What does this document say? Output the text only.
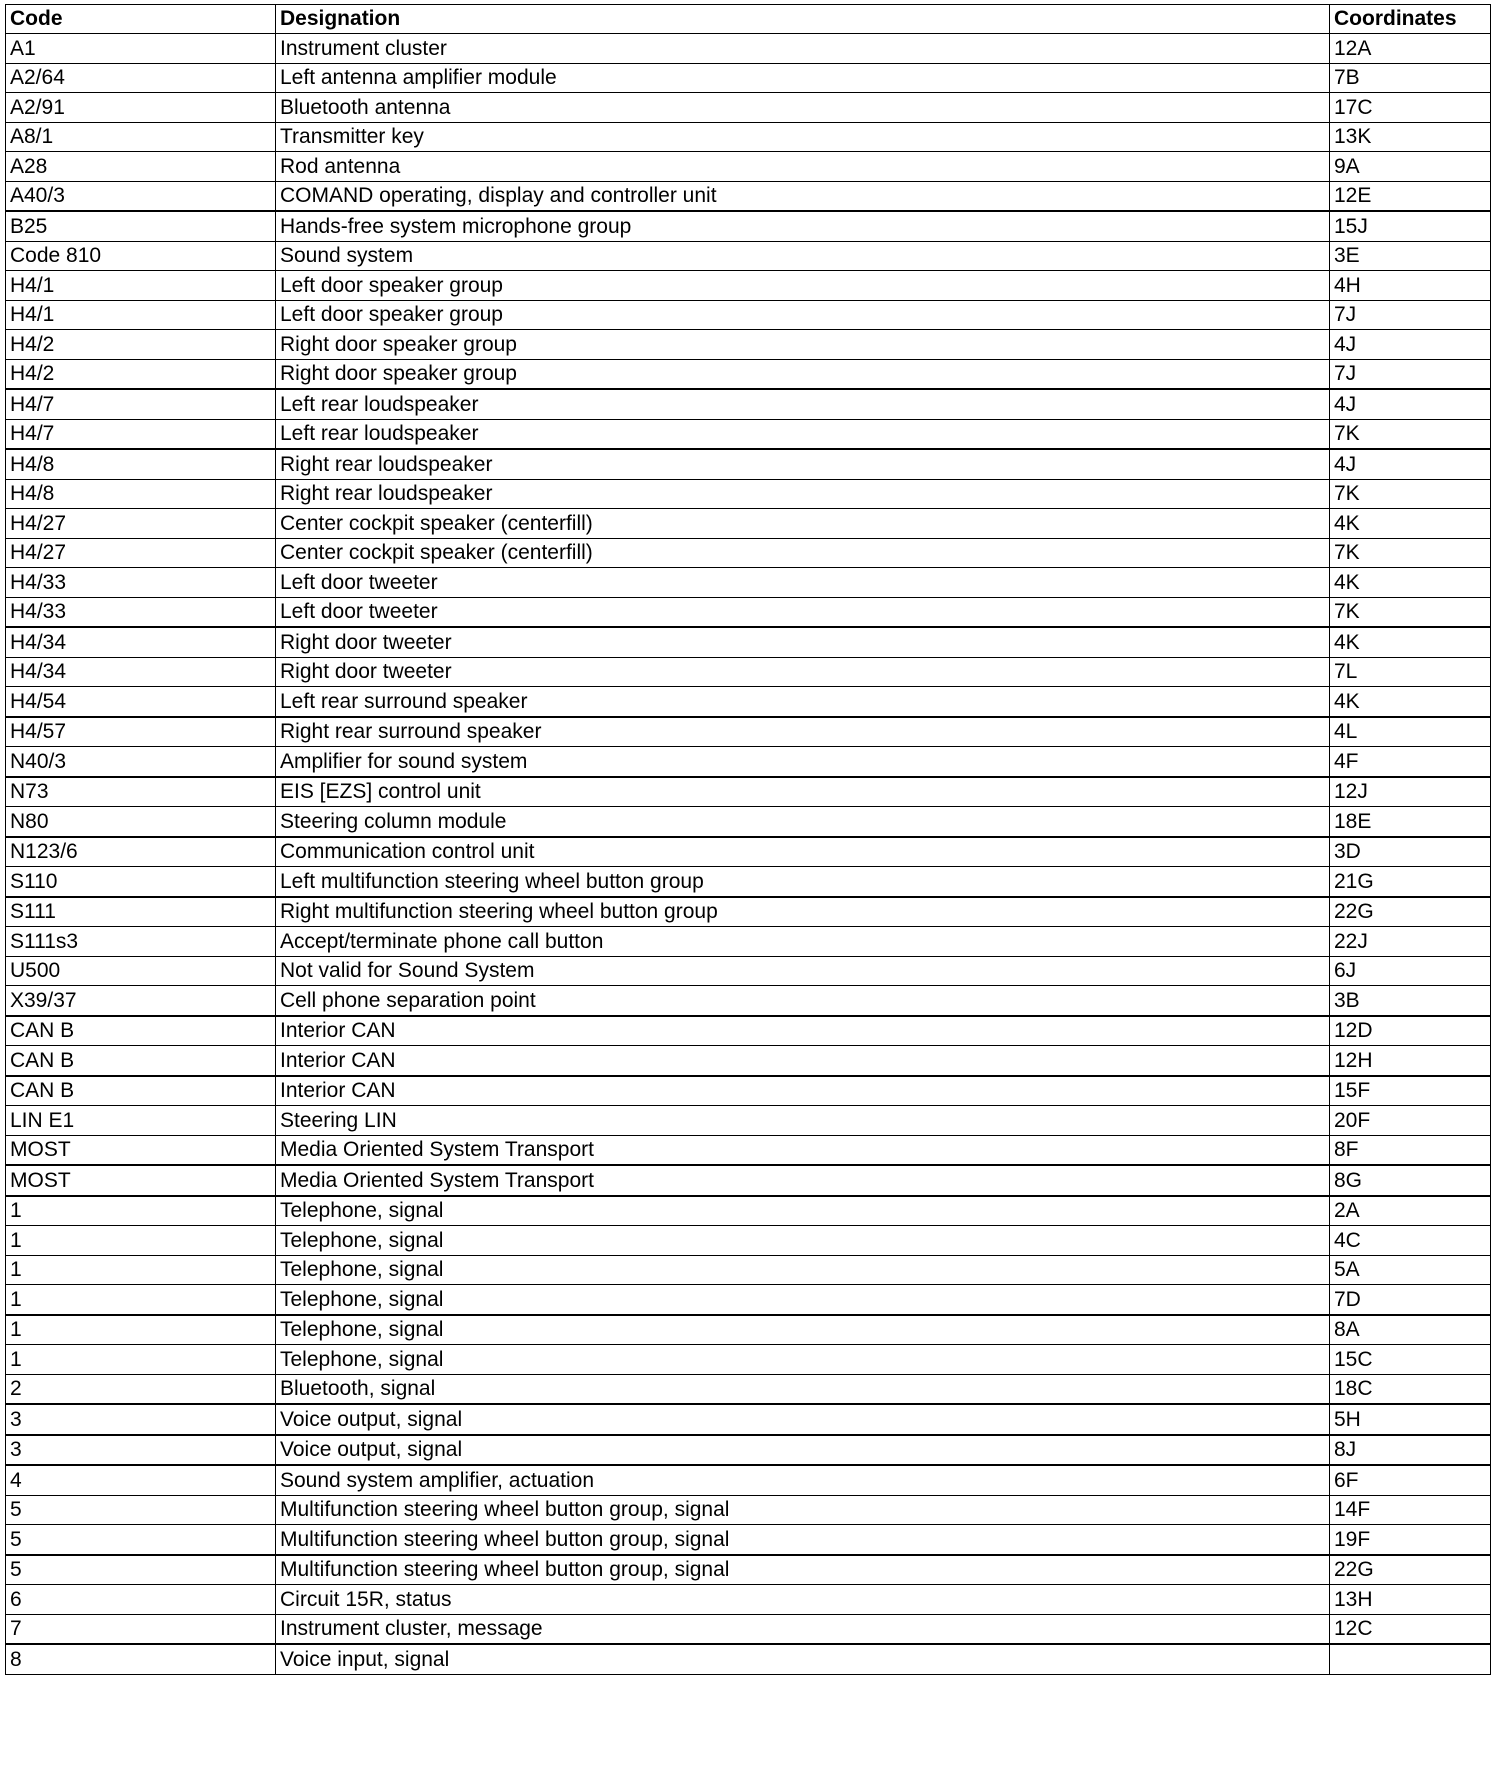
Code	Designation	Coordinates
A1	Instrument cluster	12A
A2/64	Left antenna amplifier module	7B
A2/91	Bluetooth antenna	17C
A8/1	Transmitter key	13K
A28	Rod antenna	9A
A40/3	COMAND operating, display and controller unit	12E
B25	Hands-free system microphone group	15J
Code 810	Sound system	3E
H4/1	Left door speaker group	4H
H4/1	Left door speaker group	7J
H4/2	Right door speaker group	4J
H4/2	Right door speaker group	7J
H4/7	Left rear loudspeaker	4J
H4/7	Left rear loudspeaker	7K
H4/8	Right rear loudspeaker	4J
H4/8	Right rear loudspeaker	7K
H4/27	Center cockpit speaker (centerfill)	4K
H4/27	Center cockpit speaker (centerfill)	7K
H4/33	Left door tweeter	4K
H4/33	Left door tweeter	7K
H4/34	Right door tweeter	4K
H4/34	Right door tweeter	7L
H4/54	Left rear surround speaker	4K
H4/57	Right rear surround speaker	4L
N40/3	Amplifier for sound system	4F
N73	EIS [EZS] control unit	12J
N80	Steering column module	18E
N123/6	Communication control unit	3D
S110	Left multifunction steering wheel button group	21G
S111	Right multifunction steering wheel button group	22G
S111s3	Accept/terminate phone call button	22J
U500	Not valid for Sound System	6J
X39/37	Cell phone separation point	3B
CAN B	Interior CAN	12D
CAN B	Interior CAN	12H
CAN B	Interior CAN	15F
LIN E1	Steering LIN	20F
MOST	Media Oriented System Transport	8F
MOST	Media Oriented System Transport	8G
1	Telephone, signal	2A
1	Telephone, signal	4C
1	Telephone, signal	5A
1	Telephone, signal	7D
1	Telephone, signal	8A
1	Telephone, signal	15C
2	Bluetooth, signal	18C
3	Voice output, signal	5H
3	Voice output, signal	8J
4	Sound system amplifier, actuation	6F
5	Multifunction steering wheel button group, signal	14F
5	Multifunction steering wheel button group, signal	19F
5	Multifunction steering wheel button group, signal	22G
6	Circuit 15R, status	13H
7	Instrument cluster, message	12C
8	Voice input, signal	
